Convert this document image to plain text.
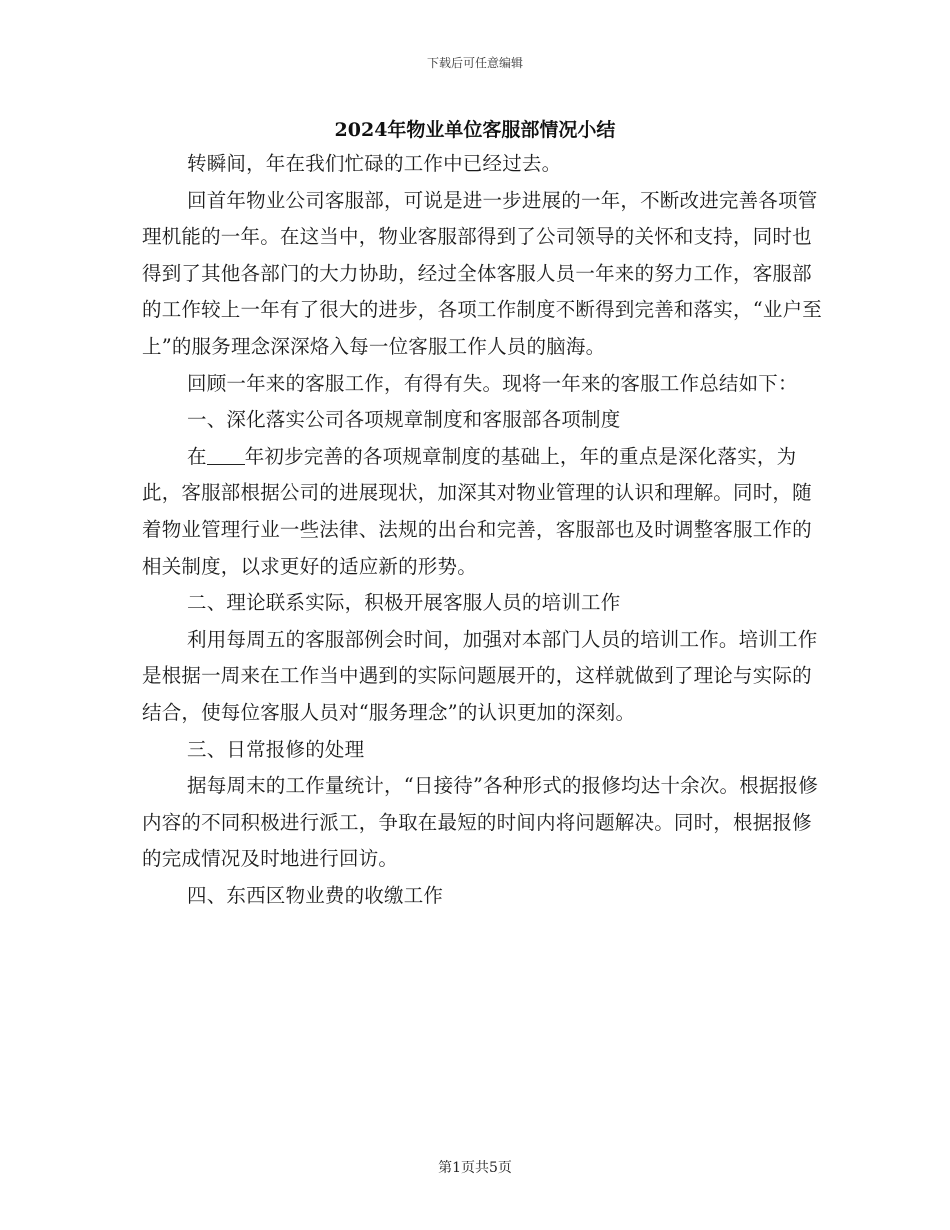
下载后可任意编辑
2024年物业单位客服部情况小结

转瞬间，年在我们忙碌的工作中已经过去。

回首年物业公司客服部，可说是进一步进展的一年，不断改进完善各项管理机能的一年。在这当中，物业客服部得到了公司领导的关怀和支持，同时也得到了其他各部门的大力协助，经过全体客服人员一年来的努力工作，客服部的工作较上一年有了很大的进步，各项工作制度不断得到完善和落实，“业户至上”的服务理念深深烙入每一位客服工作人员的脑海。

回顾一年来的客服工作，有得有失。现将一年来的客服工作总结如下：

一、深化落实公司各项规章制度和客服部各项制度

在 年初步完善的各项规章制度的基础上，年的重点是深化落实，为此，客服部根据公司的进展现状，加深其对物业管理的认识和理解。同时，随着物业管理行业一些法律、法规的出台和完善，客服部也及时调整客服工作的相关制度，以求更好的适应新的形势。

二、理论联系实际，积极开展客服人员的培训工作

利用每周五的客服部例会时间，加强对本部门人员的培训工作。培训工作是根据一周来在工作当中遇到的实际问题展开的，这样就做到了理论与实际的结合，使每位客服人员对“服务理念”的认识更加的深刻。

三、日常报修的处理

据每周末的工作量统计，“日接待”各种形式的报修均达十余次。根据报修内容的不同积极进行派工，争取在最短的时间内将问题解决。同时，根据报修的完成情况及时地进行回访。

四、东西区物业费的收缴工作

第1页共5页
